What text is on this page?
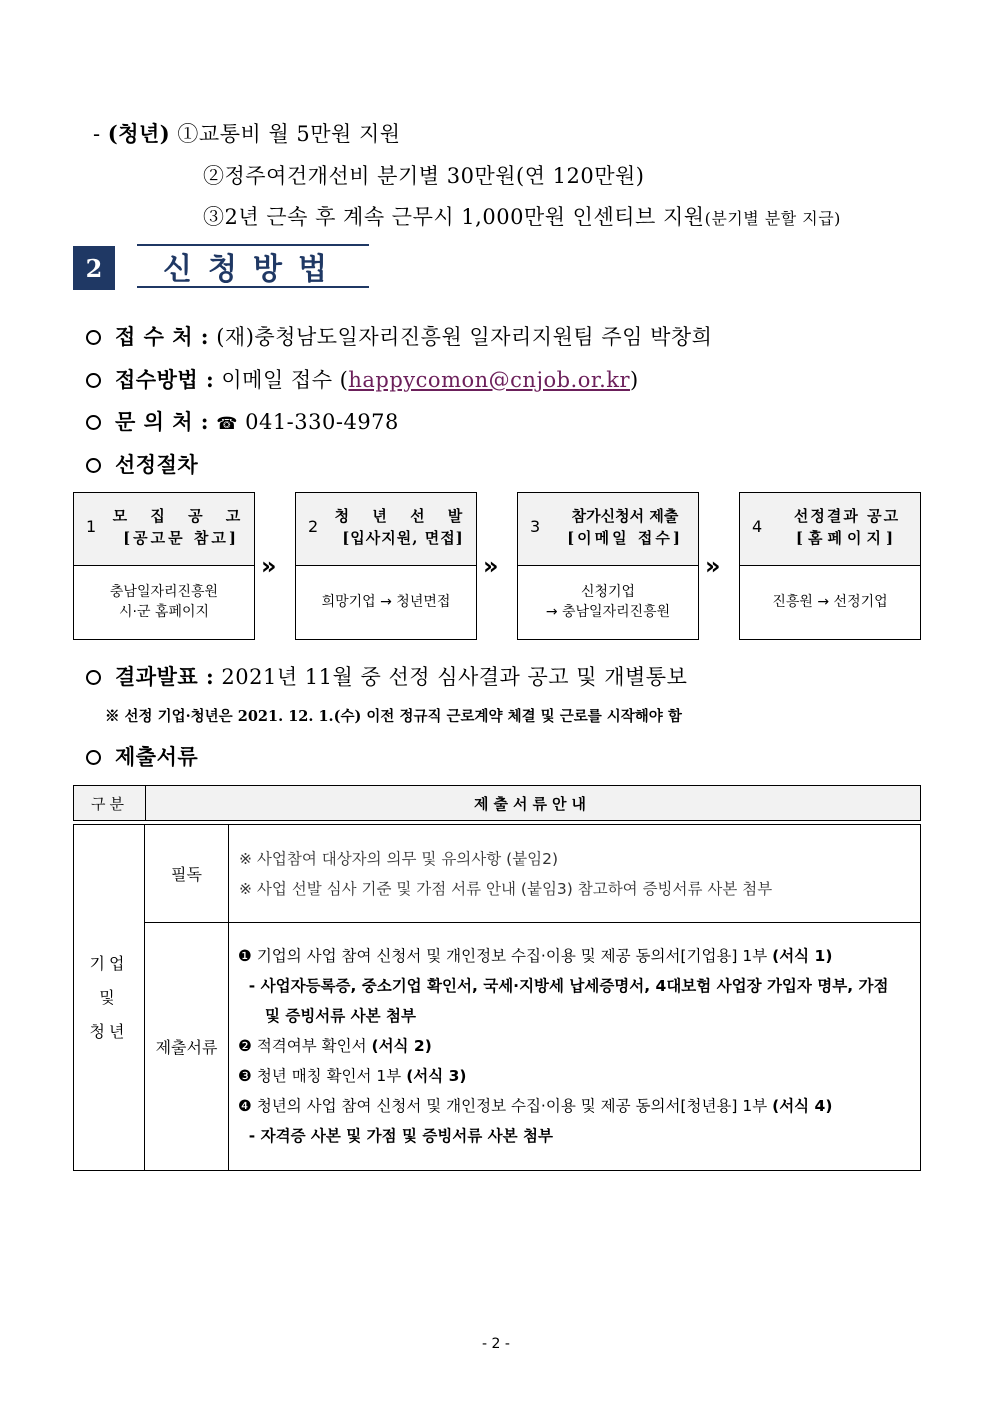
- (청년) ①교통비 월 5만원 지원
②정주여건개선비 분기별 30만원(연 120만원)
③2년 근속 후 계속 근무시 1,000만원 인센티브 지원(분기별 분할 지급)
2	신청방법
접 수 처 : (재)충청남도일자리진흥원 일자리지원팀 주임 박창희
접수방법 : 이메일 접수 (happycomon@cnjob.or.kr)
문 의 처 : ☎ 041-330-4978
선정절차
1
모 집 공 고
[공고문 참고]
충남일자리진흥원
시·군 홈페이지
»
2
청 년 선 발
[입사지원, 면접]
희망기업 → 청년면접
»
3
참가신청서 제출
[이메일 접수]
신청기업
→ 충남일자리진흥원
»
4
선정결과 공고
[홈페이지]
진흥원 → 선정기업
결과발표 : 2021년 11월 중 선정 심사결과 공고 및 개별통보
※ 선정 기업·청년은 2021. 12. 1.(수) 이전 정규직 근로계약 체결 및 근로를 시작해야 함
제출서류
구분	제출서류안내
기업
및
청년
필독
※ 사업참여 대상자의 의무 및 유의사항 (붙임2)
※ 사업 선발 심사 기준 및 가점 서류 안내 (붙임3) 참고하여 증빙서류 사본 첨부
제출서류
❶ 기업의 사업 참여 신청서 및 개인정보 수집·이용 및 제공 동의서[기업용] 1부 (서식 1)
- 사업자등록증, 중소기업 확인서, 국세·지방세 납세증명서, 4대보험 사업장 가입자 명부, 가점
및 증빙서류 사본 첨부
❷ 적격여부 확인서 (서식 2)
❸ 청년 매칭 확인서 1부 (서식 3)
❹ 청년의 사업 참여 신청서 및 개인정보 수집·이용 및 제공 동의서[청년용] 1부 (서식 4)
- 자격증 사본 및 가점 및 증빙서류 사본 첨부
- 2 -
